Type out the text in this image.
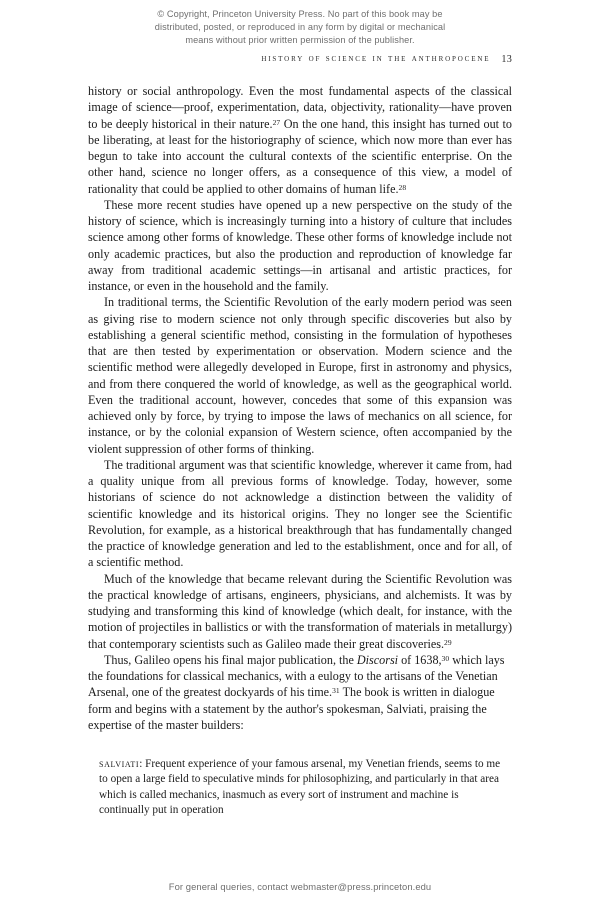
© Copyright, Princeton University Press. No part of this book may be
distributed, posted, or reproduced in any form by digital or mechanical
means without prior written permission of the publisher.
history of science in the anthropocene 13

history or social anthropology. Even the most fundamental aspects of the classical image of science—proof, experimentation, data, objectivity, rationality—have proven to be deeply historical in their nature.$^{27}$ On the one hand, this insight has turned out to be liberating, at least for the historiography of science, which now more than ever has begun to take into account the cultural contexts of the scientific enterprise. On the other hand, science no longer offers, as a consequence of this view, a model of rationality that could be applied to other domains of human life.$^{28}$

These more recent studies have opened up a new perspective on the study of the history of science, which is increasingly turning into a history of culture that includes science among other forms of knowledge. These other forms of knowledge include not only academic practices, but also the production and reproduction of knowledge far away from traditional academic settings—in artisanal and artistic practices, for instance, or even in the household and the family.

In traditional terms, the Scientific Revolution of the early modern period was seen as giving rise to modern science not only through specific discoveries but also by establishing a general scientific method, consisting in the formulation of hypotheses that are then tested by experimentation or observation. Modern science and the scientific method were allegedly developed in Europe, first in astronomy and physics, and from there conquered the world of knowledge, as well as the geographical world. Even the traditional account, however, concedes that some of this expansion was achieved only by force, by trying to impose the laws of mechanics on all science, for instance, or by the colonial expansion of Western science, often accompanied by the violent suppression of other forms of thinking.

The traditional argument was that scientific knowledge, wherever it came from, had a quality unique from all previous forms of knowledge. Today, however, some historians of science do not acknowledge a distinction between the validity of scientific knowledge and its historical origins. They no longer see the Scientific Revolution, for example, as a historical breakthrough that has fundamentally changed the practice of knowledge generation and led to the establishment, once and for all, of a scientific method.

Much of the knowledge that became relevant during the Scientific Revolution was the practical knowledge of artisans, engineers, physicians, and alchemists. It was by studying and transforming this kind of knowledge (which dealt, for instance, with the motion of projectiles in ballistics or with the transformation of materials in metallurgy) that contemporary scientists such as Galileo made their great discoveries.$^{29}$

Thus, Galileo opens his final major publication, the Discorsi of 1638,30 which lays the foundations for classical mechanics, with a eulogy to the artisans of the Venetian Arsenal, one of the greatest dockyards of his time.$^{31}$ The book is written in dialogue form and begins with a statement by the author's spokesman, Salviati, praising the expertise of the master builders:

salviati: Frequent experience of your famous arsenal, my Venetian friends, seems to me to open a large field to speculative minds for philosophizing, and particularly in that area which is called mechanics, inasmuch as every sort of instrument and machine is continually put in operation

For general queries, contact webmaster@press.princeton.edu
